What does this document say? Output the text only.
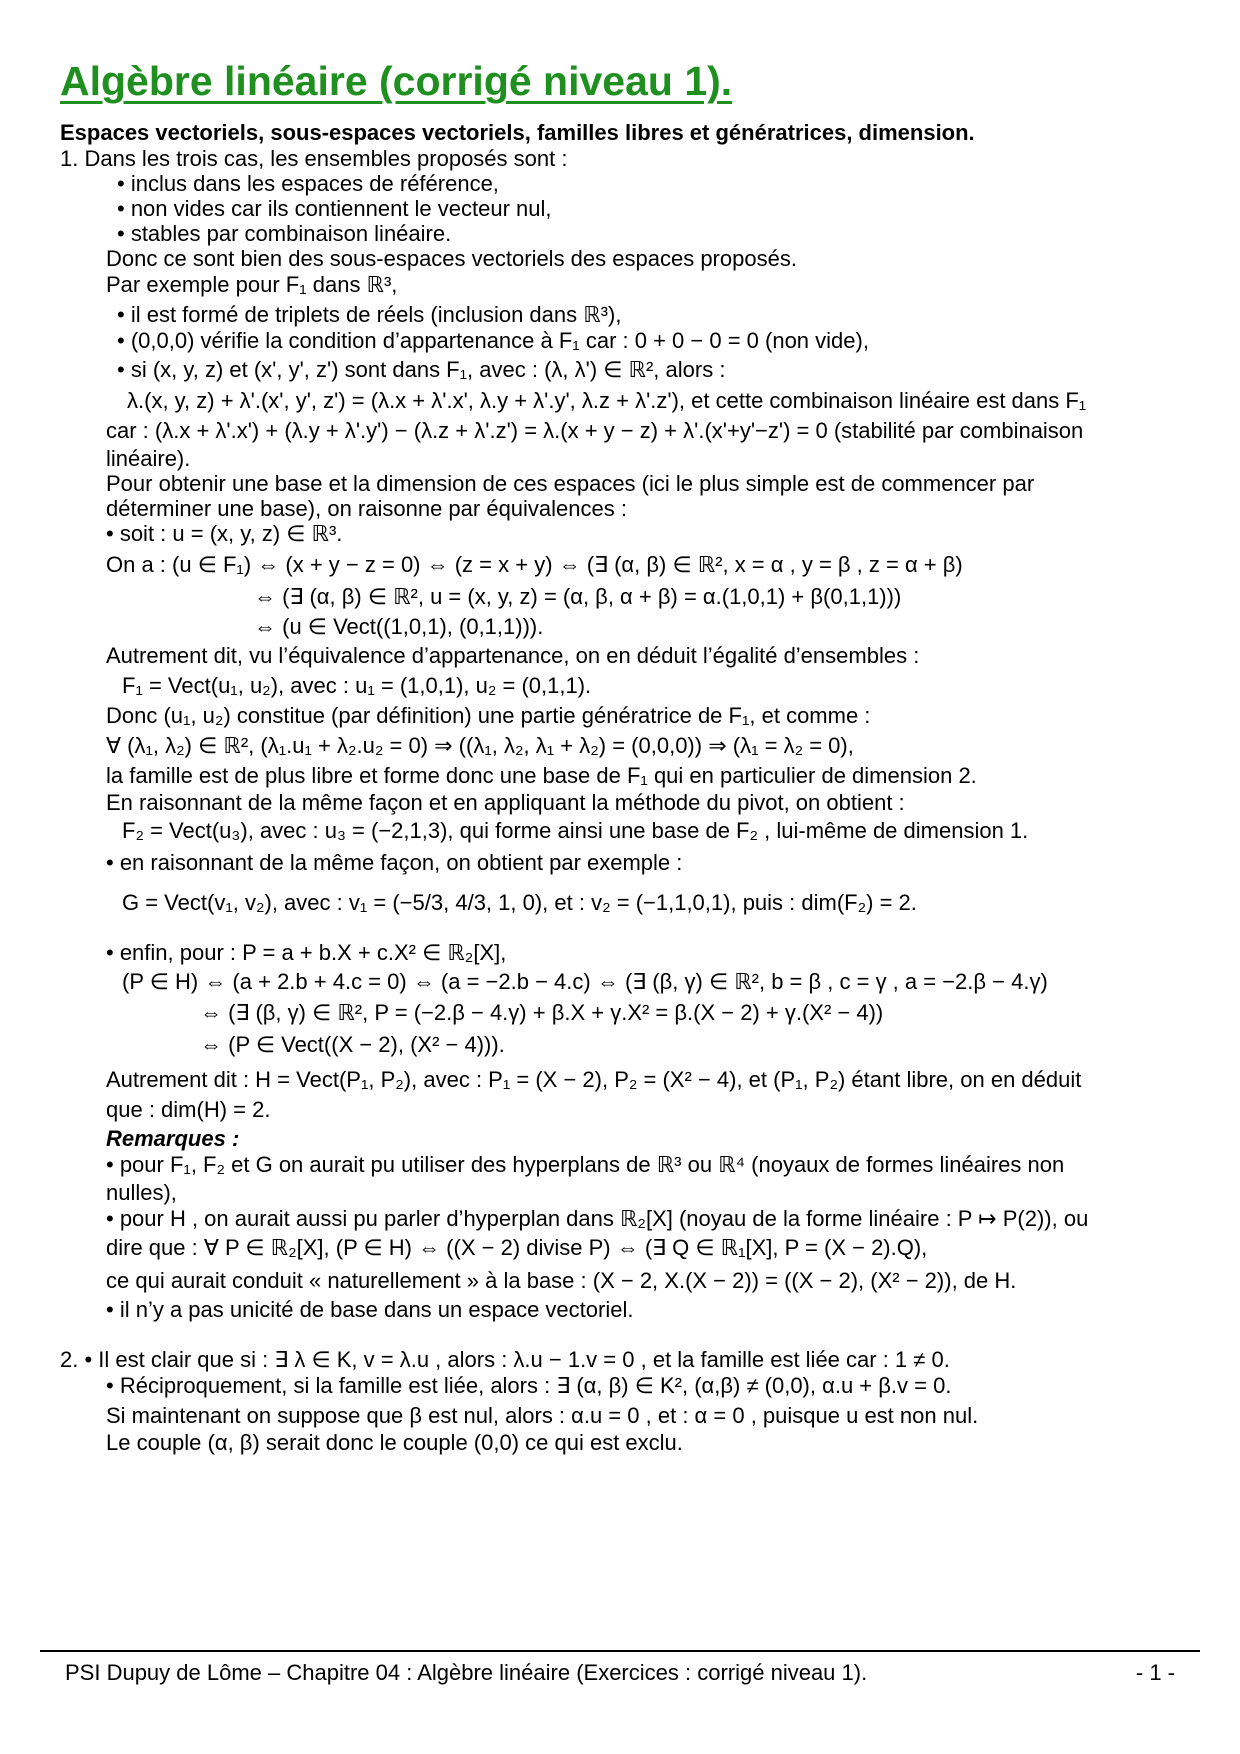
Algèbre linéaire (corrigé niveau 1).
Espaces vectoriels, sous-espaces vectoriels, familles libres et génératrices, dimension.
1. Dans les trois cas, les ensembles proposés sont :
• inclus dans les espaces de référence,
• non vides car ils contiennent le vecteur nul,
• stables par combinaison linéaire.
Donc ce sont bien des sous-espaces vectoriels des espaces proposés.
Par exemple pour F₁ dans ℝ³,
• il est formé de triplets de réels (inclusion dans ℝ³),
• (0,0,0) vérifie la condition d’appartenance à F₁ car : 0 + 0 − 0 = 0 (non vide),
• si (x, y, z) et (x', y', z') sont dans F₁, avec : (λ, λ') ∈ ℝ², alors :
λ.(x, y, z) + λ'.(x', y', z') = (λ.x + λ'.x', λ.y + λ'.y', λ.z + λ'.z'), et cette combinaison linéaire est dans F₁
car : (λ.x + λ'.x') + (λ.y + λ'.y') − (λ.z + λ'.z') = λ.(x + y − z) + λ'.(x'+y'−z') = 0 (stabilité par combinaison
linéaire).
Pour obtenir une base et la dimension de ces espaces (ici le plus simple est de commencer par
déterminer une base), on raisonne par équivalences :
• soit : u = (x, y, z) ∈ ℝ³.
On a : (u ∈ F₁) ⇔ (x + y − z = 0) ⇔ (z = x + y) ⇔ (∃ (α, β) ∈ ℝ², x = α , y = β , z = α + β)
⇔ (∃ (α, β) ∈ ℝ², u = (x, y, z) = (α, β, α + β) = α.(1,0,1) + β(0,1,1)))
⇔ (u ∈ Vect((1,0,1), (0,1,1))).
Autrement dit, vu l’équivalence d’appartenance, on en déduit l’égalité d’ensembles :
F₁ = Vect(u₁, u₂), avec : u₁ = (1,0,1), u₂ = (0,1,1).
Donc (u₁, u₂) constitue (par définition) une partie génératrice de F₁, et comme :
∀ (λ₁, λ₂) ∈ ℝ², (λ₁.u₁ + λ₂.u₂ = 0) ⇒ ((λ₁, λ₂, λ₁ + λ₂) = (0,0,0)) ⇒ (λ₁ = λ₂ = 0),
la famille est de plus libre et forme donc une base de F₁ qui en particulier de dimension 2.
En raisonnant de la même façon et en appliquant la méthode du pivot, on obtient :
F₂ = Vect(u₃), avec : u₃ = (−2,1,3), qui forme ainsi une base de F₂ , lui-même de dimension 1.
• en raisonnant de la même façon, on obtient par exemple :
G = Vect(v₁, v₂), avec : v₁ = (−5/3, 4/3, 1, 0), et : v₂ = (−1,1,0,1), puis : dim(F₂) = 2.
• enfin, pour : P = a + b.X + c.X² ∈ ℝ₂[X],
(P ∈ H) ⇔ (a + 2.b + 4.c = 0) ⇔ (a = −2.b − 4.c) ⇔ (∃ (β, γ) ∈ ℝ², b = β , c = γ , a = −2.β − 4.γ)
⇔ (∃ (β, γ) ∈ ℝ², P = (−2.β − 4.γ) + β.X + γ.X² = β.(X − 2) + γ.(X² − 4))
⇔ (P ∈ Vect((X − 2), (X² − 4))).
Autrement dit : H = Vect(P₁, P₂), avec : P₁ = (X − 2), P₂ = (X² − 4), et (P₁, P₂) étant libre, on en déduit
que : dim(H) = 2.
Remarques :
• pour F₁, F₂ et G on aurait pu utiliser des hyperplans de ℝ³ ou ℝ⁴ (noyaux de formes linéaires non
nulles),
• pour H , on aurait aussi pu parler d’hyperplan dans ℝ₂[X] (noyau de la forme linéaire : P ↦ P(2)), ou
dire que : ∀ P ∈ ℝ₂[X], (P ∈ H) ⇔ ((X − 2) divise P) ⇔ (∃ Q ∈ ℝ₁[X], P = (X − 2).Q),
ce qui aurait conduit « naturellement » à la base : (X − 2, X.(X − 2)) = ((X − 2), (X² − 2)), de H.
• il n’y a pas unicité de base dans un espace vectoriel.
2. • Il est clair que si : ∃ λ ∈ K, v = λ.u , alors : λ.u − 1.v = 0 , et la famille est liée car : 1 ≠ 0.
• Réciproquement, si la famille est liée, alors : ∃ (α, β) ∈ K², (α,β) ≠ (0,0), α.u + β.v = 0.
Si maintenant on suppose que β est nul, alors : α.u = 0 , et : α = 0 , puisque u est non nul.
Le couple (α, β) serait donc le couple (0,0) ce qui est exclu.
PSI Dupuy de Lôme – Chapitre 04 : Algèbre linéaire (Exercices : corrigé niveau 1).	- 1 -
